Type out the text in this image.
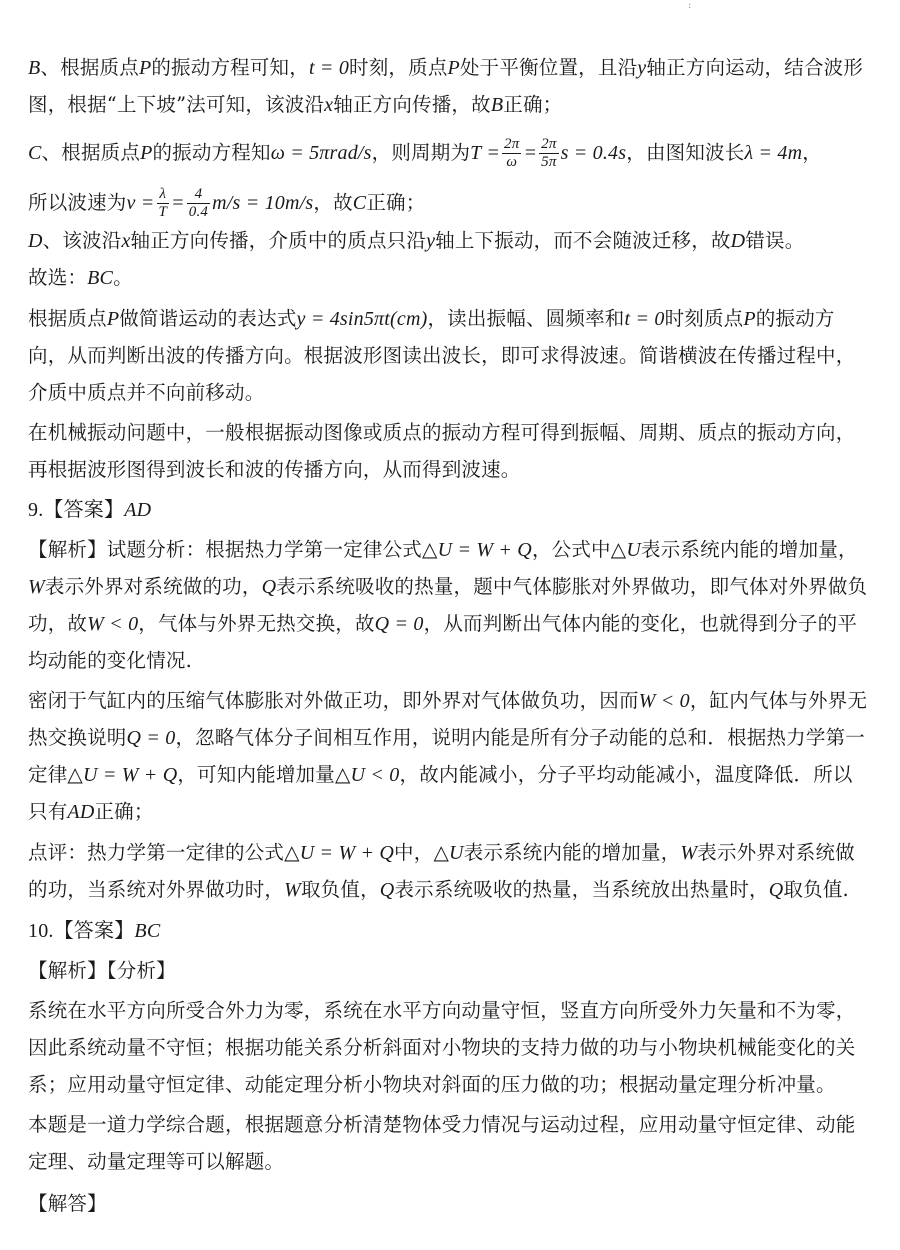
:
B、根据质点P的振动方程可知，t = 0时刻，质点P处于平衡位置，且沿y轴正方向运动，结合波形
图，根据“上下坡”法可知，该波沿x轴正方向传播，故B正确；
C、根据质点P的振动方程知ω = 5πrad/s，则周期为$T = \frac{2\pi}{\omega} = \frac{2\pi}{5\pi}$ s = 0.4s，由图知波长λ = 4m，
所以波速为$v = \frac{\lambda}{T} = \frac{4}{0.4} m/s = 10m/s$，故C正确；
D、该波沿x轴正方向传播，介质中的质点只沿y轴上下振动，而不会随波迁移，故D错误。
故选：BC。
根据质点P做简谐运动的表达式y = 4sin5πt(cm)，读出振幅、圆频率和t = 0时刻质点P的振动方
向，从而判断出波的传播方向。根据波形图读出波长，即可求得波速。简谐横波在传播过程中，
介质中质点并不向前移动。
在机械振动问题中，一般根据振动图像或质点的振动方程可得到振幅、周期、质点的振动方向，
再根据波形图得到波长和波的传播方向，从而得到波速。
9.【答案】AD
【解析】试题分析：根据热力学第一定律公式△U = W + Q，公式中△U表示系统内能的增加量，
W表示外界对系统做的功，Q表示系统吸收的热量，题中气体膨胀对外界做功，即气体对外界做负
功，故W < 0，气体与外界无热交换，故Q = 0，从而判断出气体内能的变化，也就得到分子的平
均动能的变化情况.
密闭于气缸内的压缩气体膨胀对外做正功，即外界对气体做负功，因而W < 0，缸内气体与外界无
热交换说明Q = 0，忽略气体分子间相互作用，说明内能是所有分子动能的总和．根据热力学第一
定律△U = W + Q，可知内能增加量△U < 0，故内能减小，分子平均动能减小，温度降低．所以
只有AD正确；
点评：热力学第一定律的公式△U = W + Q中，△U表示系统内能的增加量，W表示外界对系统做
的功，当系统对外界做功时，W取负值，Q表示系统吸收的热量，当系统放出热量时，Q取负值.
10.【答案】BC
【解析】【分析】
系统在水平方向所受合外力为零，系统在水平方向动量守恒，竖直方向所受外力矢量和不为零，
因此系统动量不守恒；根据功能关系分析斜面对小物块的支持力做的功与小物块机械能变化的关
系；应用动量守恒定律、动能定理分析小物块对斜面的压力做的功；根据动量定理分析冲量。
本题是一道力学综合题，根据题意分析清楚物体受力情况与运动过程，应用动量守恒定律、动能
定理、动量定理等可以解题。
【解答】
